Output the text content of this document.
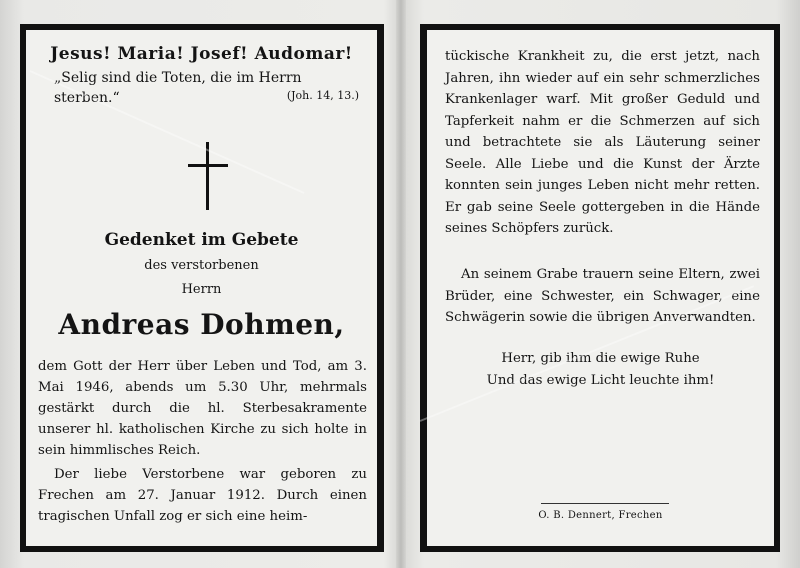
Jesus! Maria! Josef! Audomar!
„Selig sind die Toten, die im Herrn
sterben.“	(Joh. 14, 13.)
Gedenket im Gebete
des verstorbenen
Herrn
Andreas Dohmen,
dem Gott der Herr über Leben und Tod, am 3. Mai 1946, abends um 5.30 Uhr, mehrmals gestärkt durch die hl. Sterbesakramente unserer hl. katholischen Kirche zu sich holte in sein himmlisches Reich.
Der liebe Verstorbene war geboren zu Frechen am 27. Januar 1912. Durch einen tragischen Unfall zog er sich eine heim-
tückische Krankheit zu, die erst jetzt, nach Jahren, ihn wieder auf ein sehr schmerzliches Krankenlager warf. Mit großer Geduld und Tapferkeit nahm er die Schmerzen auf sich und betrachtete sie als Läuterung seiner Seele. Alle Liebe und die Kunst der Ärzte konnten sein junges Leben nicht mehr retten. Er gab seine Seele gottergeben in die Hände seines Schöpfers zurück.
An seinem Grabe trauern seine Eltern, zwei Brüder, eine Schwester, ein Schwager, eine Schwägerin sowie die übrigen Anverwandten.
Herr, gib ihm die ewige Ruhe
Und das ewige Licht leuchte ihm!
O. B. Dennert, Frechen
